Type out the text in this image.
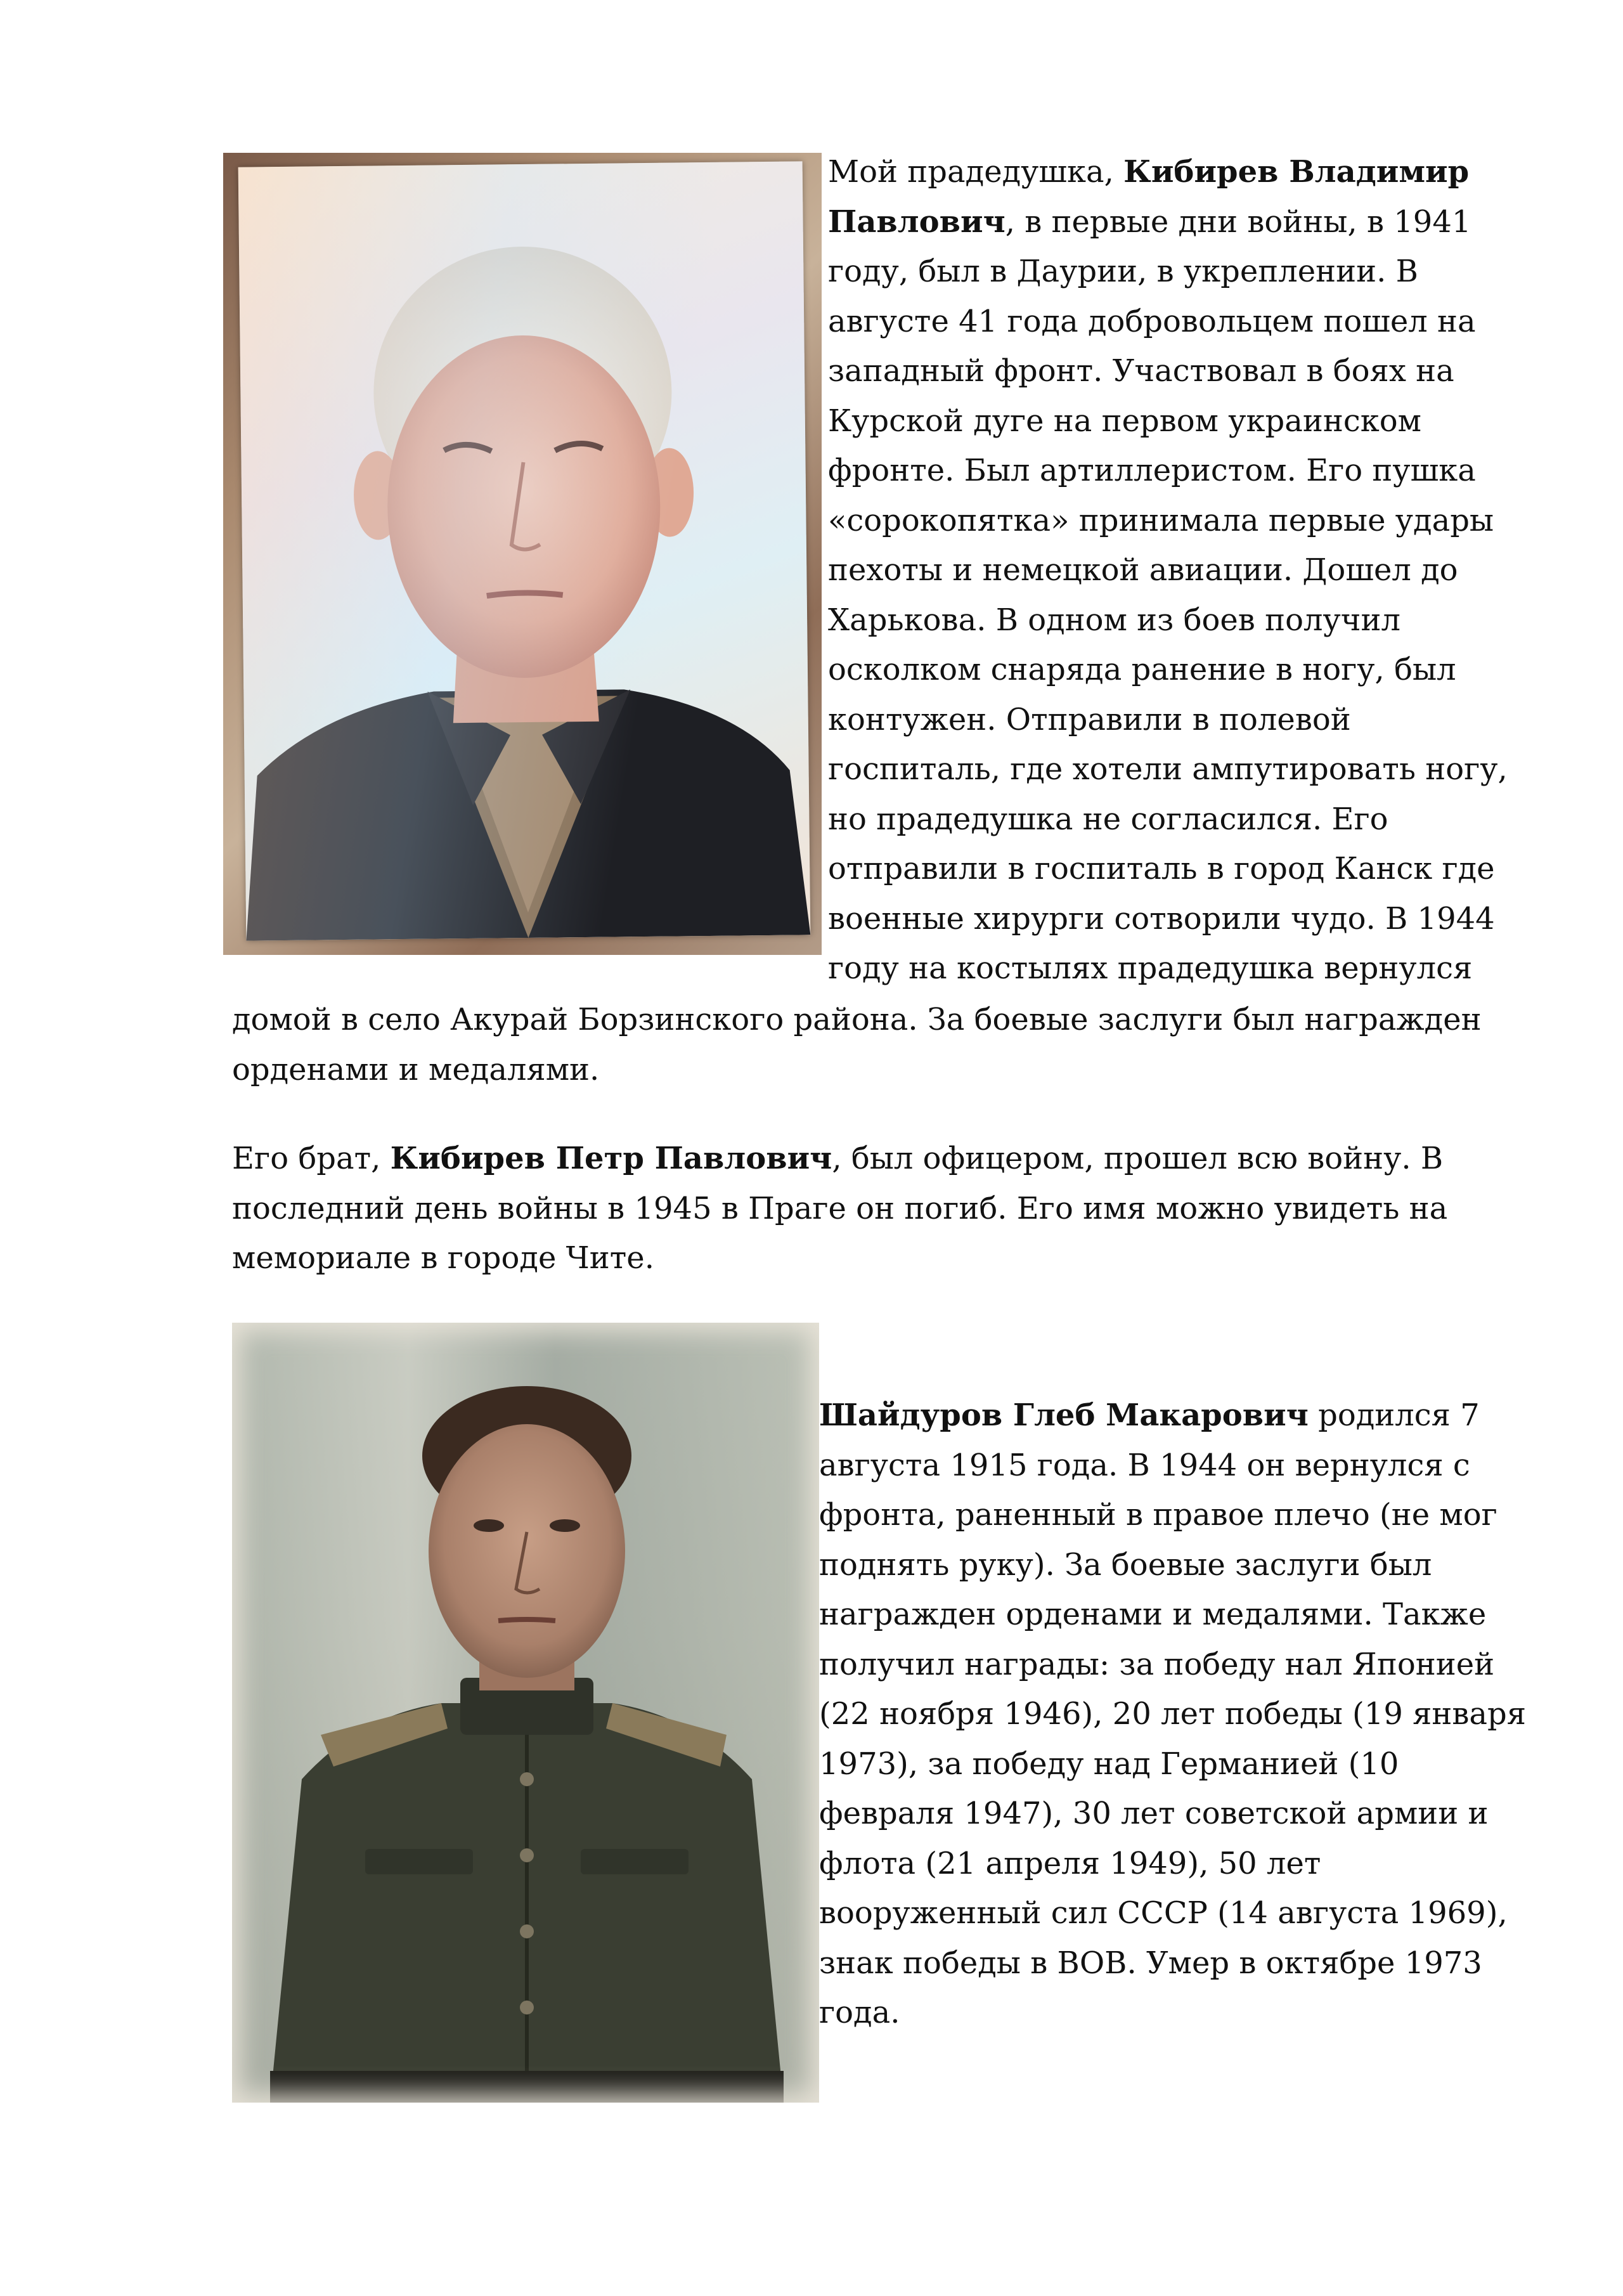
Мой прадедушка, Кибирев Владимир
Павлович, в первые дни войны, в 1941
году, был в Даурии, в укреплении. В
августе 41 года добровольцем пошел на
западный фронт. Участвовал в боях на
Курской дуге на первом украинском
фронте. Был артиллеристом. Его пушка
«сорокопятка» принимала первые удары
пехоты и немецкой авиации. Дошел до
Харькова. В одном из боев получил
осколком снаряда ранение в ногу, был
контужен. Отправили в полевой
госпиталь, где хотели ампутировать ногу,
но прадедушка не согласился. Его
отправили в госпиталь в город Канск где
военные хирурги сотворили чудо. В 1944
году на костылях прадедушка вернулся

домой в село Акурай Борзинского района. За боевые заслуги был награжден
орденами и медалями.

Его брат, Кибирев Петр Павлович, был офицером, прошел всю войну. В
последний день войны в 1945 в Праге он погиб. Его имя можно увидеть на
мемориале в городе Чите.

Шайдуров Глеб Макарович родился 7
августа 1915 года. В 1944 он вернулся с
фронта, раненный в правое плечо (не мог
поднять руку). За боевые заслуги был
награжден орденами и медалями. Также
получил награды: за победу нал Японией
(22 ноября 1946), 20 лет победы (19 января
1973), за победу над Германией (10
февраля 1947), 30 лет советской армии и
флота (21 апреля 1949), 50 лет
вооруженный сил СССР (14 августа 1969),
знак победы в ВОВ. Умер в октябре 1973
года.
